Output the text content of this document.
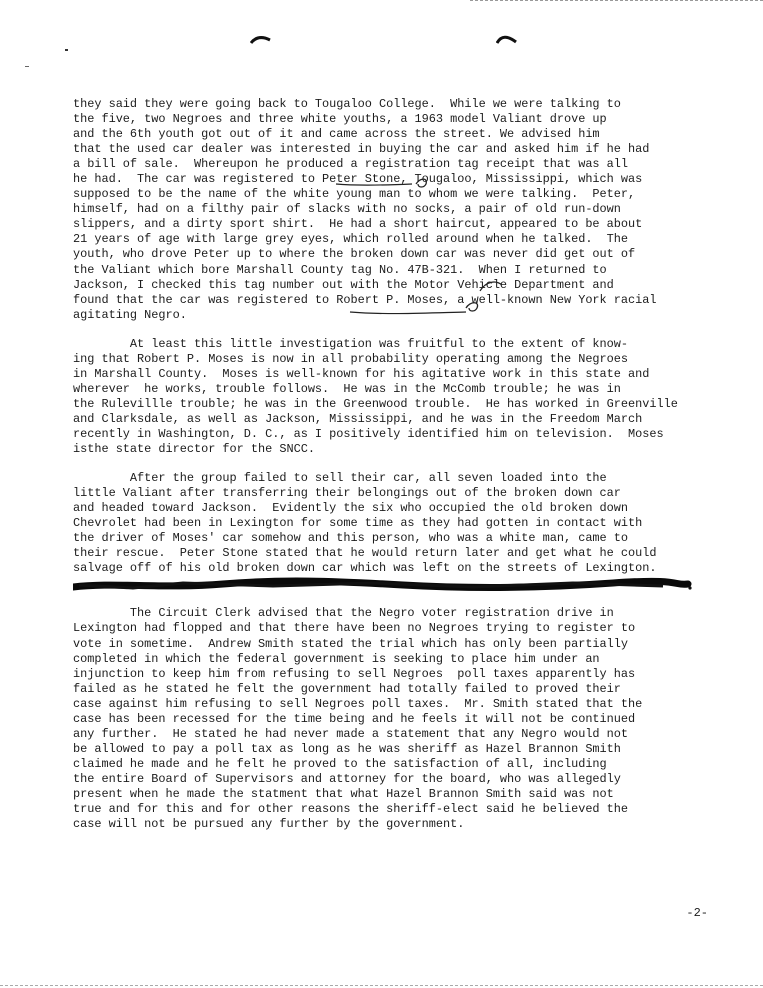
they said they were going back to Tougaloo College.  While we were talking to
the five, two Negroes and three white youths, a 1963 model Valiant drove up
and the 6th youth got out of it and came across the street. We advised him
that the used car dealer was interested in buying the car and asked him if he had
a bill of sale.  Whereupon he produced a registration tag receipt that was all
he had.  The car was registered to Peter Stone, Tougaloo, Mississippi, which was
supposed to be the name of the white young man to whom we were talking.  Peter,
himself, had on a filthy pair of slacks with no socks, a pair of old run-down
slippers, and a dirty sport shirt.  He had a short haircut, appeared to be about
21 years of age with large grey eyes, which rolled around when he talked.  The
youth, who drove Peter up to where the broken down car was never did get out of
the Valiant which bore Marshall County tag No. 47B-321.  When I returned to
Jackson, I checked this tag number out with the Motor Vehicle Department and
found that the car was registered to Robert P. Moses, a well-known New York racial
agitating Negro.

At least this little investigation was fruitful to the extent of know-
ing that Robert P. Moses is now in all probability operating among the Negroes
in Marshall County.  Moses is well-known for his agitative work in this state and
wherever  he works, trouble follows.  He was in the McComb trouble; he was in
the Rulevillle trouble; he was in the Greenwood trouble.  He has worked in Greenville
and Clarksdale, as well as Jackson, Mississippi, and he was in the Freedom March
recently in Washington, D. C., as I positively identified him on television.  Moses
isthe state director for the SNCC.

After the group failed to sell their car, all seven loaded into the
little Valiant after transferring their belongings out of the broken down car
and headed toward Jackson.  Evidently the six who occupied the old broken down
Chevrolet had been in Lexington for some time as they had gotten in contact with
the driver of Moses' car somehow and this person, who was a white man, came to
their rescue.  Peter Stone stated that he would return later and get what he could
salvage off of his old broken down car which was left on the streets of Lexington.

The Circuit Clerk advised that the Negro voter registration drive in
Lexington had flopped and that there have been no Negroes trying to register to
vote in sometime.  Andrew Smith stated the trial which has only been partially
completed in which the federal government is seeking to place him under an
injunction to keep him from refusing to sell Negroes  poll taxes apparently has
failed as he stated he felt the government had totally failed to proved their
case against him refusing to sell Negroes poll taxes.  Mr. Smith stated that the
case has been recessed for the time being and he feels it will not be continued
any further.  He stated he had never made a statement that any Negro would not
be allowed to pay a poll tax as long as he was sheriff as Hazel Brannon Smith
claimed he made and he felt he proved to the satisfaction of all, including
the entire Board of Supervisors and attorney for the board, who was allegedly
present when he made the statment that what Hazel Brannon Smith said was not
true and for this and for other reasons the sheriff-elect said he believed the
case will not be pursued any further by the government.

-2-
